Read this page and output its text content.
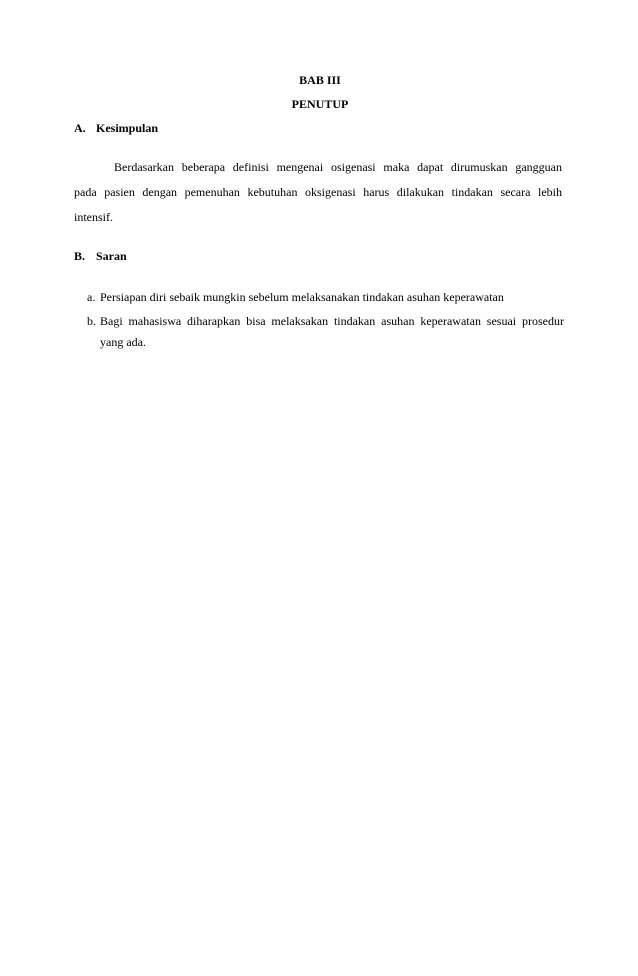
BAB III
PENUTUP
A. Kesimpulan

Berdasarkan beberapa definisi mengenai osigenasi maka dapat dirumuskan gangguan pada pasien dengan pemenuhan kebutuhan oksigenasi harus dilakukan tindakan secara lebih intensif.

B. Saran
a. Persiapan diri sebaik mungkin sebelum melaksanakan tindakan asuhan keperawatan
b. Bagi mahasiswa diharapkan bisa melaksakan tindakan asuhan keperawatan sesuai prosedur yang ada.
